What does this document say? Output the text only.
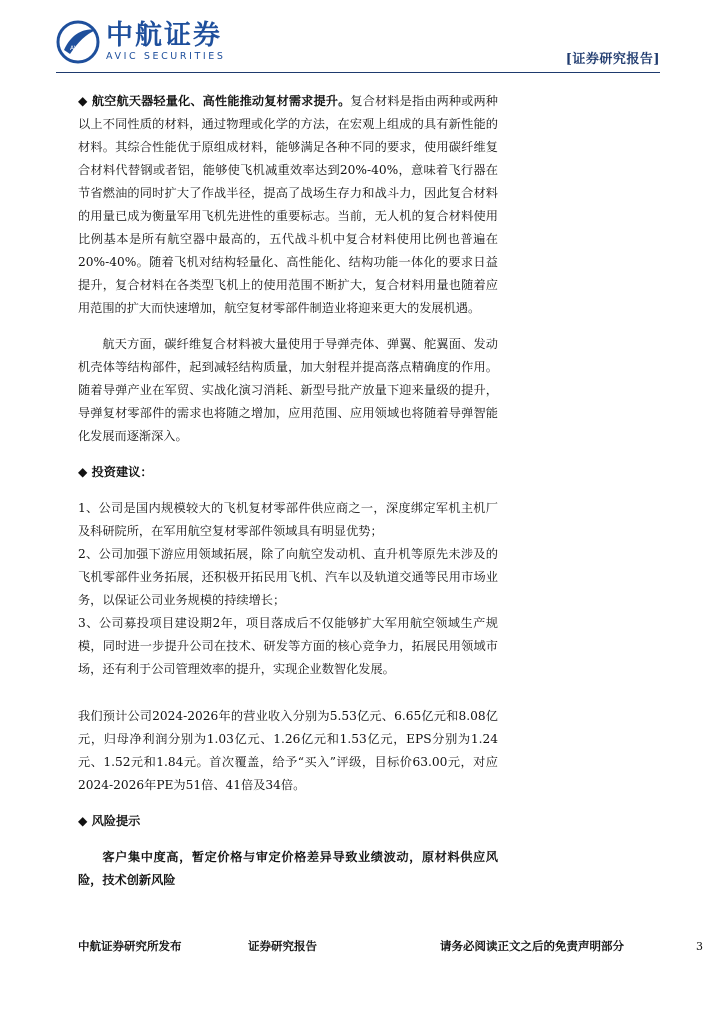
AVIC 中航证券
AVIC SECURITIES	[证券研究报告]

◆ 航空航天器轻量化、高性能推动复材需求提升。复合材料是指由两种或两种以上不同性质的材料，通过物理或化学的方法，在宏观上组成的具有新性能的材料。其综合性能优于原组成材料，能够满足各种不同的要求，使用碳纤维复合材料代替钢或者铝，能够使飞机减重效率达到20%-40%，意味着飞行器在节省燃油的同时扩大了作战半径，提高了战场生存力和战斗力，因此复合材料的用量已成为衡量军用飞机先进性的重要标志。当前，无人机的复合材料使用比例基本是所有航空器中最高的，五代战斗机中复合材料使用比例也普遍在20%-40%。随着飞机对结构轻量化、高性能化、结构功能一体化的要求日益提升，复合材料在各类型飞机上的使用范围不断扩大，复合材料用量也随着应用范围的扩大而快速增加，航空复材零部件制造业将迎来更大的发展机遇。

航天方面，碳纤维复合材料被大量使用于导弹壳体、弹翼、舵翼面、发动机壳体等结构部件，起到减轻结构质量，加大射程并提高落点精确度的作用。随着导弹产业在军贸、实战化演习消耗、新型号批产放量下迎来量级的提升，导弹复材零部件的需求也将随之增加，应用范围、应用领域也将随着导弹智能化发展而逐渐深入。

◆ 投资建议：

1、公司是国内规模较大的飞机复材零部件供应商之一，深度绑定军机主机厂及科研院所，在军用航空复材零部件领域具有明显优势；

2、公司加强下游应用领域拓展，除了向航空发动机、直升机等原先未涉及的飞机零部件业务拓展，还积极开拓民用飞机、汽车以及轨道交通等民用市场业务，以保证公司业务规模的持续增长；

3、公司募投项目建设期2年，项目落成后不仅能够扩大军用航空领域生产规模，同时进一步提升公司在技术、研发等方面的核心竞争力，拓展民用领域市场，还有利于公司管理效率的提升，实现企业数智化发展。

我们预计公司2024-2026年的营业收入分别为5.53亿元、6.65亿元和8.08亿元，归母净利润分别为1.03亿元、1.26亿元和1.53亿元，EPS分别为1.24元、1.52元和1.84元。首次覆盖，给予“买入”评级，目标价63.00元，对应2024-2026年PE为51倍、41倍及34倍。

◆ 风险提示

客户集中度高，暂定价格与审定价格差异导致业绩波动，原材料供应风险，技术创新风险

中航证券研究所发布	证券研究报告	请务必阅读正文之后的免责声明部分	3
